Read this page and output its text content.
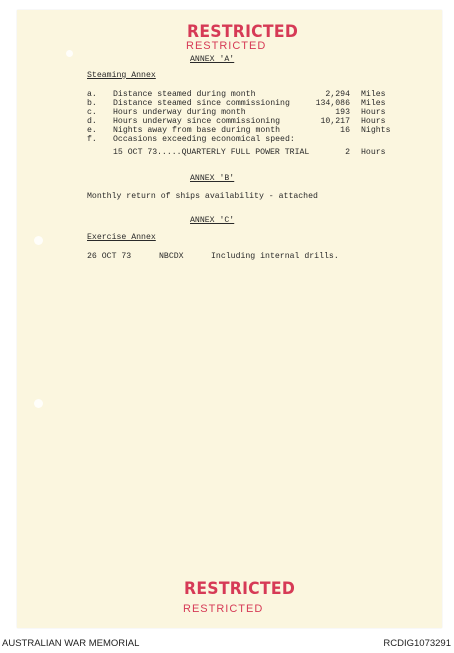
RESTRICTED
RESTRICTED
ANNEX 'A'
Steaming Annex
a. Distance steamed during month	2,294 Miles
b. Distance steamed since commissioning	134,086 Miles
c. Hours underway during month	193 Hours
d. Hours underway since commissioning	10,217 Hours
e. Nights away from base during month	16 Nights
f. Occasions exceeding economical speed:
15 OCT 73 .....QUARTERLY FULL POWER TRIAL	2 Hours
ANNEX 'B'
Monthly return of ships availability - attached
ANNEX 'C'
Exercise Annex
26 OCT 73	NBCDX	Including internal drills.
RESTRICTED
RESTRICTED
AUSTRALIAN WAR MEMORIAL	RCDIG1073291
